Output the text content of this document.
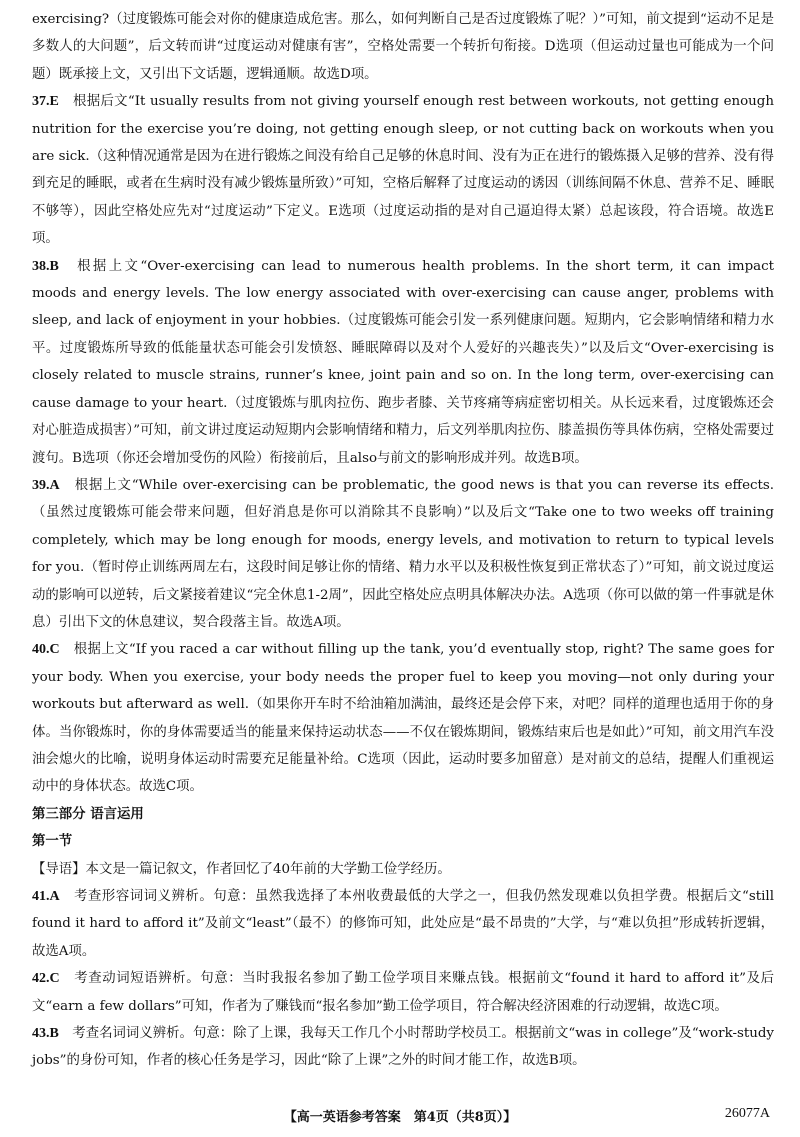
exercising?（过度锻炼可能会对你的健康造成危害。那么，如何判断自己是否过度锻炼了呢？）”可知，前文提到“运动不足是多数人的大问题”，后文转而讲“过度运动对健康有害”，空格处需要一个转折句衔接。D选项（但运动过量也可能成为一个问题）既承接上文，又引出下文话题，逻辑通顺。故选D项。

37.E　 根据后文“It usually results from not giving yourself enough rest between workouts, not getting enough nutrition for the exercise you’re doing, not getting enough sleep, or not cutting back on workouts when you are sick.（这种情况通常是因为在进行锻炼之间没有给自己足够的休息时间、没有为正在进行的锻炼摄入足够的营养、没有得到充足的睡眠，或者在生病时没有减少锻炼量所致）”可知，空格后解释了过度运动的诱因（训练间隔不休息、营养不足、睡眠不够等），因此空格处应先对“过度运动”下定义。E选项（过度运动指的是对自己逼迫得太紧）总起该段，符合语境。故选E项。

38.B　 根据上文“Over-exercising can lead to numerous health problems. In the short term, it can impact moods and energy levels. The low energy associated with over-exercising can cause anger, problems with sleep, and lack of enjoyment in your hobbies.（过度锻炼可能会引发一系列健康问题。短期内，它会影响情绪和精力水平。过度锻炼所导致的低能量状态可能会引发愤怒、睡眠障碍以及对个人爱好的兴趣丧失）”以及后文“Over-exercising is closely related to muscle strains, runner’s knee, joint pain and so on. In the long term, over-exercising can cause damage to your heart.（过度锻炼与肌肉拉伤、跑步者膝、关节疼痛等病症密切相关。从长远来看，过度锻炼还会对心脏造成损害）”可知，前文讲过度运动短期内会影响情绪和精力，后文列举肌肉拉伤、膝盖损伤等具体伤病，空格处需要过渡句。B选项（你还会增加受伤的风险）衔接前后，且also与前文的影响形成并列。故选B项。

39.A　 根据上文“While over-exercising can be problematic, the good news is that you can reverse its effects.（虽然过度锻炼可能会带来问题，但好消息是你可以消除其不良影响）”以及后文“Take one to two weeks off training completely, which may be long enough for moods, energy levels, and motivation to return to typical levels for you.（暂时停止训练两周左右，这段时间足够让你的情绪、精力水平以及积极性恢复到正常状态了）”可知，前文说过度运动的影响可以逆转，后文紧接着建议“完全休息1-2周”，因此空格处应点明具体解决办法。A选项（你可以做的第一件事就是休息）引出下文的休息建议，契合段落主旨。故选A项。

40.C　 根据上文“If you raced a car without filling up the tank, you’d eventually stop, right? The same goes for your body. When you exercise, your body needs the proper fuel to keep you moving—not only during your workouts but afterward as well.（如果你开车时不给油箱加满油，最终还是会停下来，对吧？同样的道理也适用于你的身体。当你锻炼时，你的身体需要适当的能量来保持运动状态——不仅在锻炼期间，锻炼结束后也是如此）”可知，前文用汽车没油会熄火的比喻，说明身体运动时需要充足能量补给。C选项（因此，运动时要多加留意）是对前文的总结，提醒人们重视运动中的身体状态。故选C项。

第三部分 语言运用

第一节

【导语】本文是一篇记叙文，作者回忆了40年前的大学勤工俭学经历。

41.A　 考查形容词词义辨析。句意：虽然我选择了本州收费最低的大学之一，但我仍然发现难以负担学费。根据后文“still found it hard to afford it”及前文“least”（最不）的修饰可知，此处应是“最不昂贵的”大学，与“难以负担”形成转折逻辑，故选A项。

42.C　 考查动词短语辨析。句意：当时我报名参加了勤工俭学项目来赚点钱。根据前文“found it hard to afford it”及后文“earn a few dollars”可知，作者为了赚钱而“报名参加”勤工俭学项目，符合解决经济困难的行动逻辑，故选C项。

43.B　 考查名词词义辨析。句意：除了上课，我每天工作几个小时帮助学校员工。根据前文“was in college”及“work-study jobs”的身份可知，作者的核心任务是学习，因此“除了上课”之外的时间才能工作，故选B项。

【高一英语参考答案　第4页（共8页）】	26077A
